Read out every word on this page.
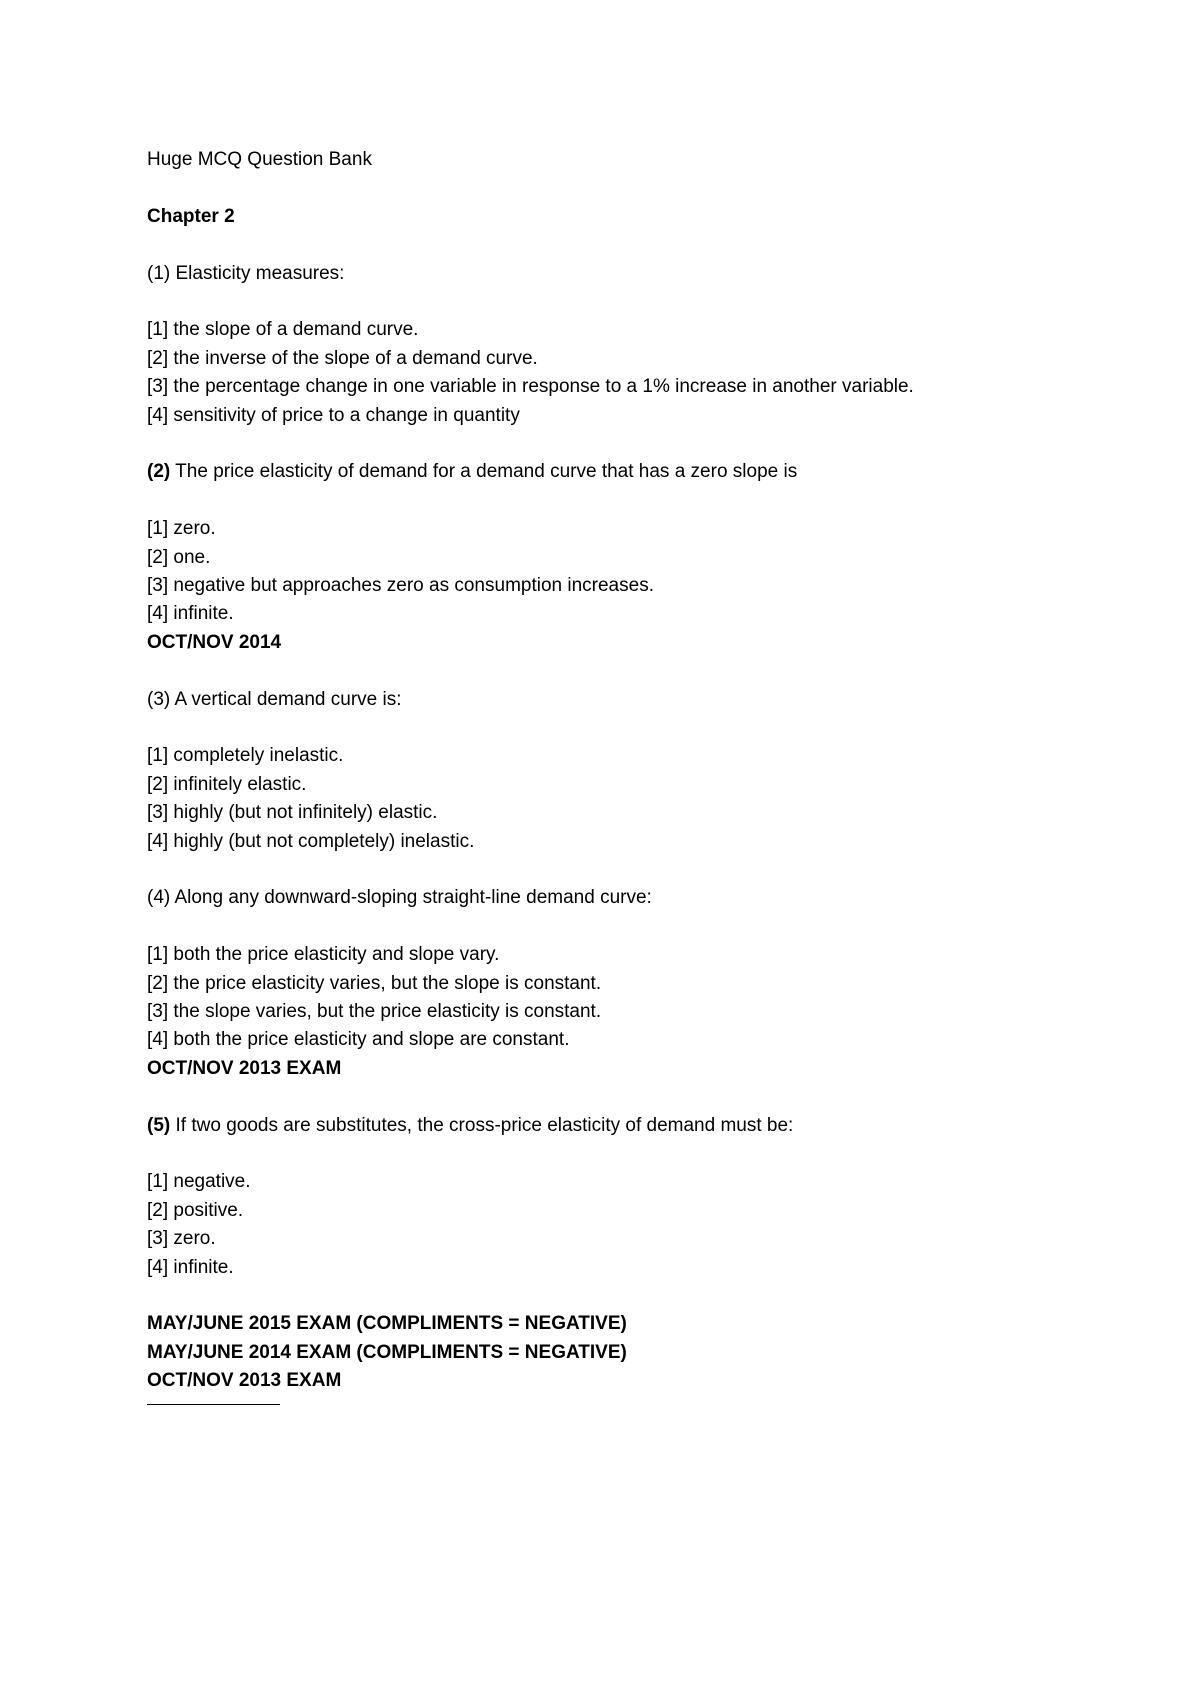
Huge MCQ Question Bank

Chapter 2

(1) Elasticity measures:

[1] the slope of a demand curve.

[2] the inverse of the slope of a demand curve.

[3] the percentage change in one variable in response to a 1% increase in another variable.

[4] sensitivity of price to a change in quantity

(2) The price elasticity of demand for a demand curve that has a zero slope is

[1] zero.

[2] one.

[3] negative but approaches zero as consumption increases.

[4] infinite.

OCT/NOV 2014

(3) A vertical demand curve is:

[1] completely inelastic.

[2] infinitely elastic.

[3] highly (but not infinitely) elastic.

[4] highly (but not completely) inelastic.

(4) Along any downward-sloping straight-line demand curve:

[1] both the price elasticity and slope vary.

[2] the price elasticity varies, but the slope is constant.

[3] the slope varies, but the price elasticity is constant.

[4] both the price elasticity and slope are constant.

OCT/NOV 2013 EXAM

(5) If two goods are substitutes, the cross-price elasticity of demand must be:

[1] negative.

[2] positive.

[3] zero.

[4] infinite.

MAY/JUNE 2015 EXAM (COMPLIMENTS = NEGATIVE)

MAY/JUNE 2014 EXAM (COMPLIMENTS = NEGATIVE)

OCT/NOV 2013 EXAM
